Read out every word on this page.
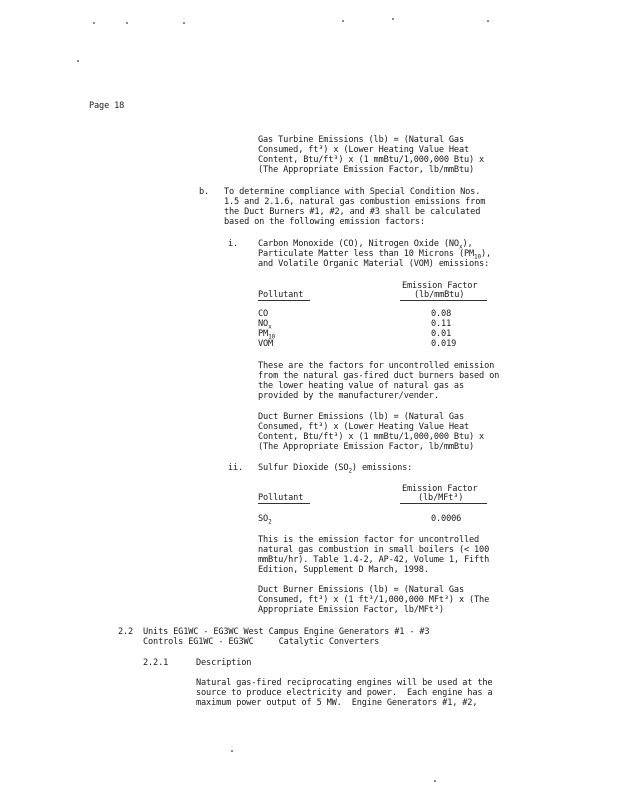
Page 18
Gas Turbine Emissions (lb) = (Natural Gas
Consumed, ft³) x (Lower Heating Value Heat
Content, Btu/ft³) x (1 mmBtu/1,000,000 Btu) x
(The Appropriate Emission Factor, lb/mmBtu)
b. To determine compliance with Special Condition Nos.
1.5 and 2.1.6, natural gas combustion emissions from
the Duct Burners #1, #2, and #3 shall be calculated
based on the following emission factors:
i. Carbon Monoxide (CO), Nitrogen Oxide $(NO_x)$,
Particulate Matter less than 10 Microns $(PM_{10})$,
and Volatile Organic Material (VOM) emissions:
Emission Factor
Pollutant	(lb/mmBtu)
CO	0.08
$NO_x$	0.11
$PM_{10}$	0.01
VOM	0.019
These are the factors for uncontrolled emission
from the natural gas-fired duct burners based on
the lower heating value of natural gas as
provided by the manufacturer/vender.
Duct Burner Emissions (lb) = (Natural Gas
Consumed, ft³) x (Lower Heating Value Heat
Content, Btu/ft³) x (1 mmBtu/1,000,000 Btu) x
(The Appropriate Emission Factor, lb/mmBtu)
ii. Sulfur Dioxide $(SO_2)$ emissions:
Emission Factor
Pollutant	(lb/MFt³)
$SO_2$	0.0006
This is the emission factor for uncontrolled
natural gas combustion in small boilers (< 100
mmBtu/hr). Table 1.4-2, AP-42, Volume 1, Fifth
Edition, Supplement D March, 1998.
Duct Burner Emissions (lb) = (Natural Gas
Consumed, ft³) x (1 ft³/1,000,000 MFt³) x (The
Appropriate Emission Factor, lb/MFt³)
2.2 Units EG1WC - EG3WC West Campus Engine Generators #1 - #3
Controls EG1WC - EG3WC     Catalytic Converters
2.2.1	Description
Natural gas-fired reciprocating engines will be used at the
source to produce electricity and power.  Each engine has a
maximum power output of 5 MW.  Engine Generators #1, #2,
